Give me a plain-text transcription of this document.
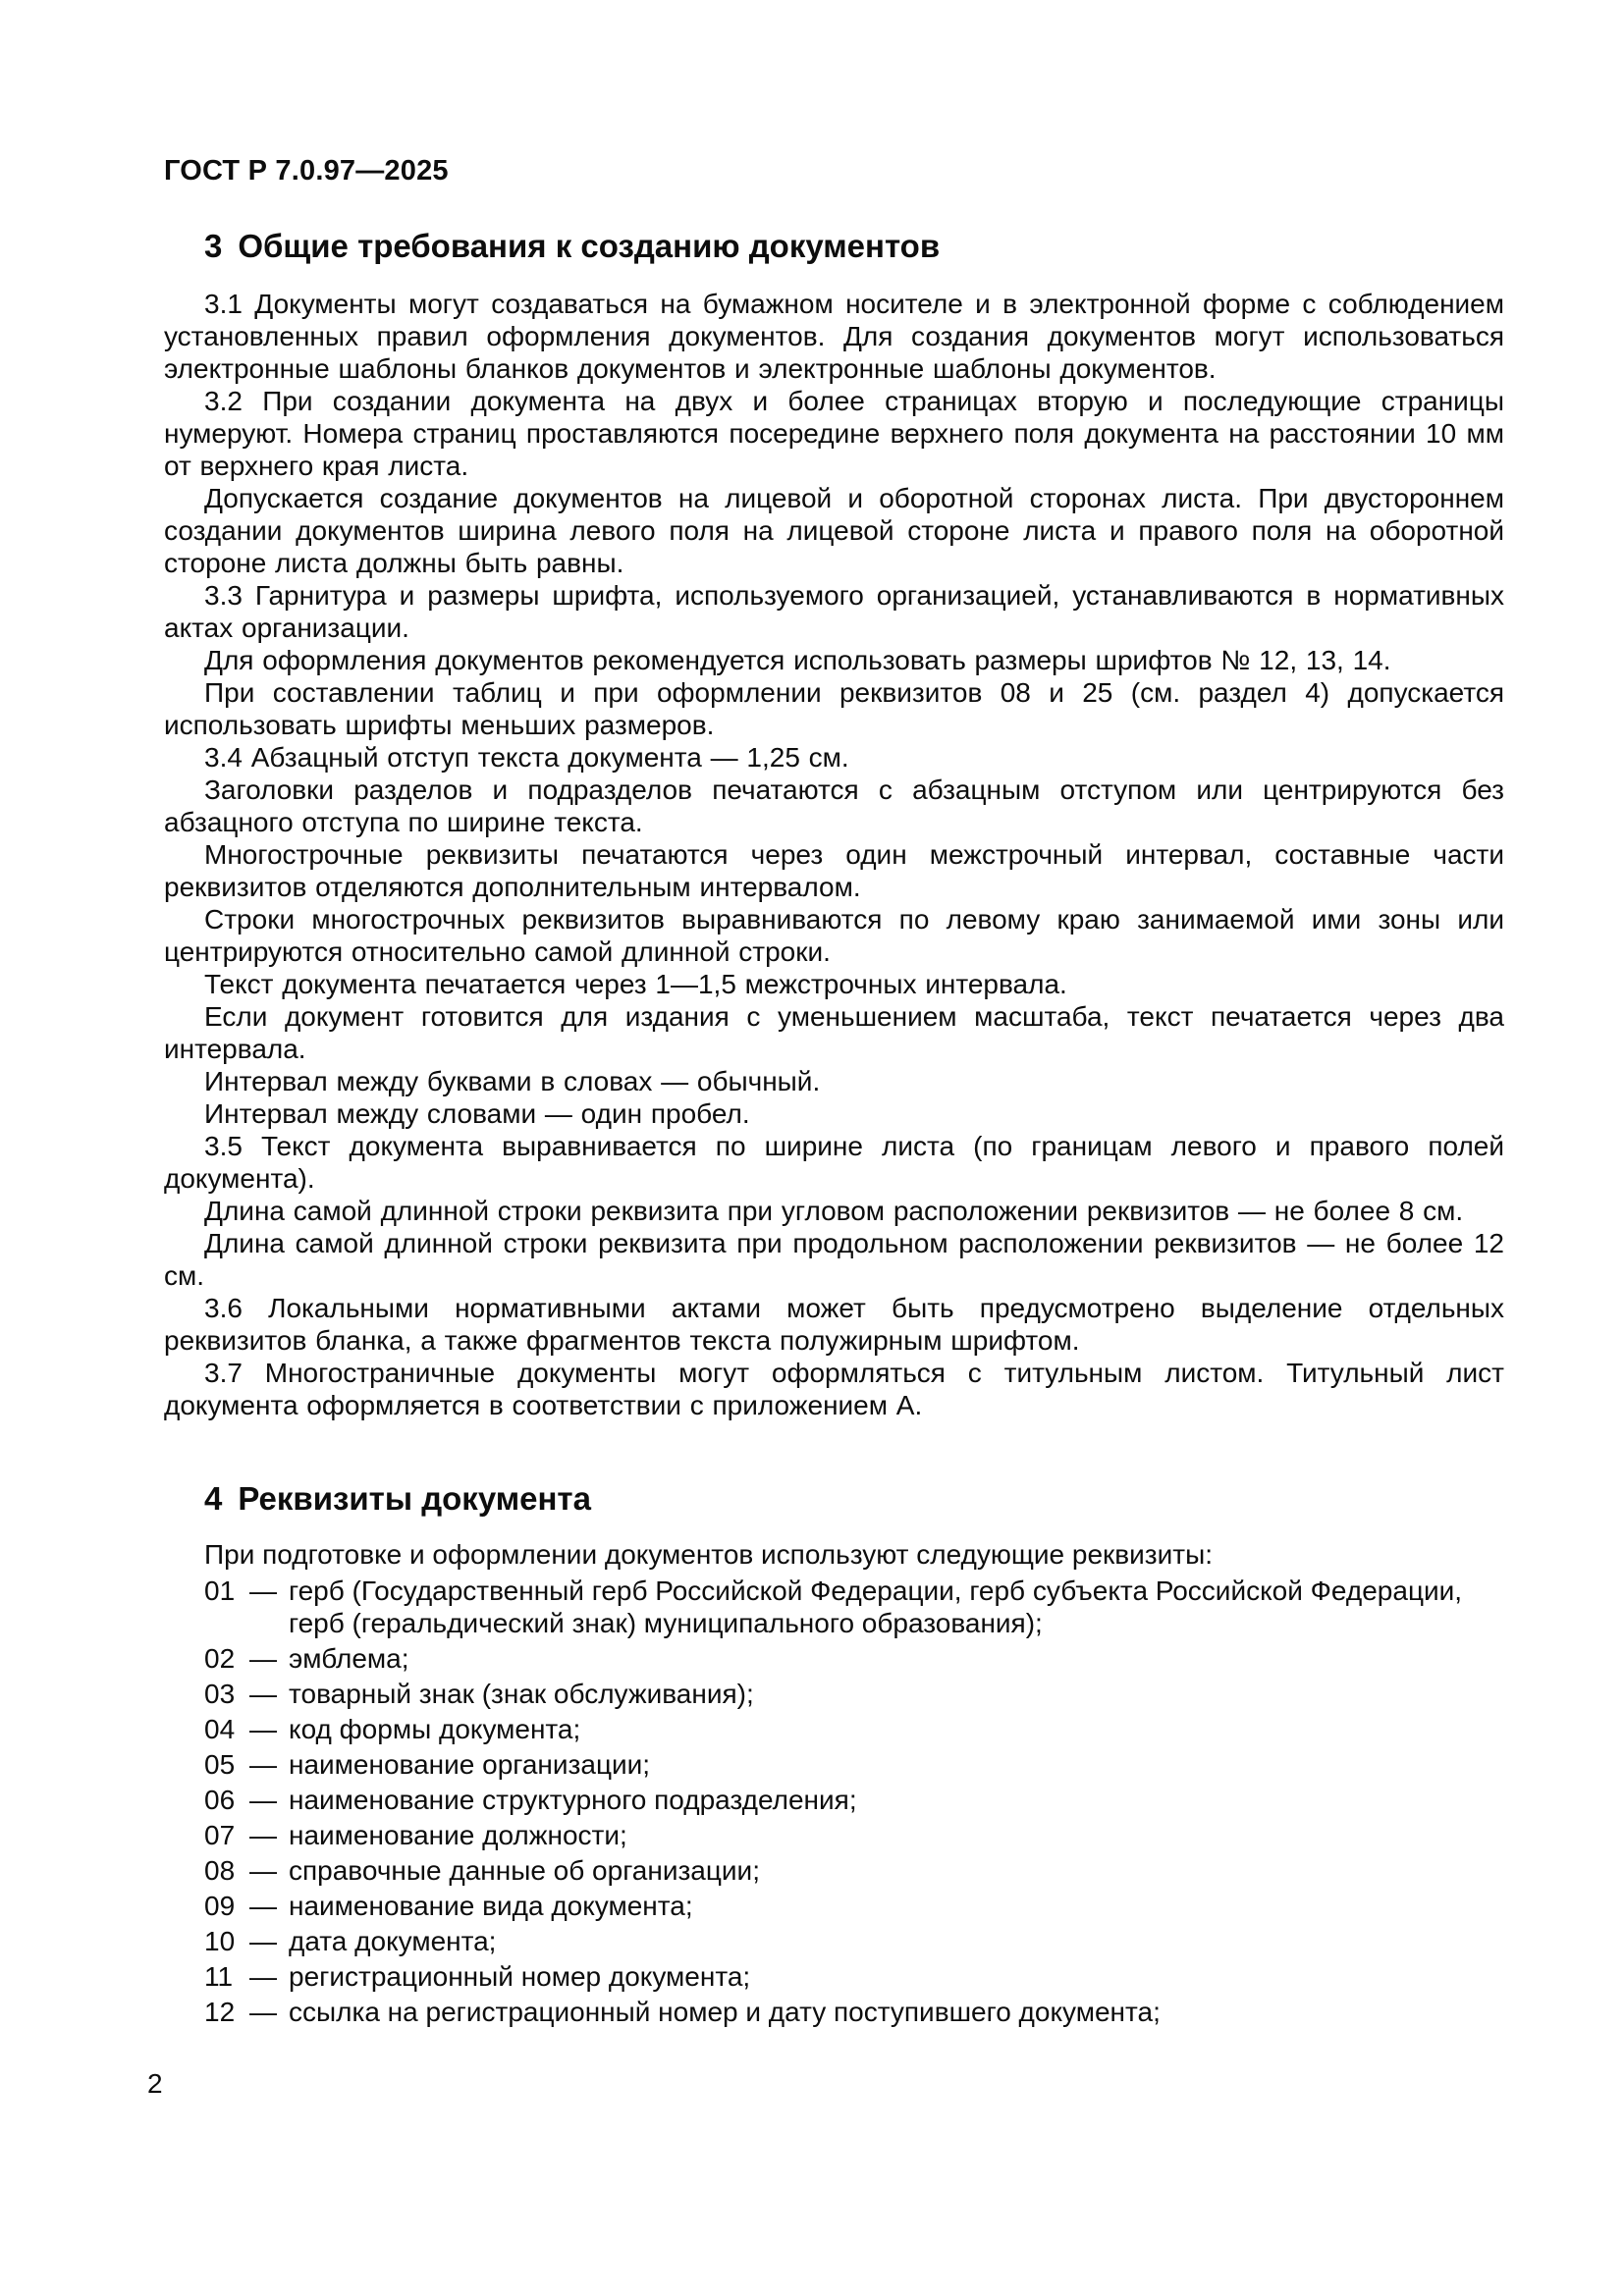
ГОСТ Р 7.0.97—2025
3 Общие требования к созданию документов

3.1 Документы могут создаваться на бумажном носителе и в электронной форме с соблюдением установленных правил оформления документов. Для создания документов могут использоваться электронные шаблоны бланков документов и электронные шаблоны документов.

3.2 При создании документа на двух и более страницах вторую и последующие страницы нумеруют. Номера страниц проставляются посередине верхнего поля документа на расстоянии 10 мм от верхнего края листа.

Допускается создание документов на лицевой и оборотной сторонах листа. При двустороннем создании документов ширина левого поля на лицевой стороне листа и правого поля на оборотной стороне листа должны быть равны.

3.3 Гарнитура и размеры шрифта, используемого организацией, устанавливаются в нормативных актах организации.

Для оформления документов рекомендуется использовать размеры шрифтов № 12, 13, 14.

При составлении таблиц и при оформлении реквизитов 08 и 25 (см. раздел 4) допускается использовать шрифты меньших размеров.

3.4 Абзацный отступ текста документа — 1,25 см.

Заголовки разделов и подразделов печатаются с абзацным отступом или центрируются без абзацного отступа по ширине текста.

Многострочные реквизиты печатаются через один межстрочный интервал, составные части реквизитов отделяются дополнительным интервалом.

Строки многострочных реквизитов выравниваются по левому краю занимаемой ими зоны или центрируются относительно самой длинной строки.

Текст документа печатается через 1—1,5 межстрочных интервала.

Если документ готовится для издания с уменьшением масштаба, текст печатается через два интервала.

Интервал между буквами в словах — обычный.

Интервал между словами — один пробел.

3.5 Текст документа выравнивается по ширине листа (по границам левого и правого полей документа).

Длина самой длинной строки реквизита при угловом расположении реквизитов — не более 8 см.

Длина самой длинной строки реквизита при продольном расположении реквизитов — не более 12 см.

3.6 Локальными нормативными актами может быть предусмотрено выделение отдельных реквизитов бланка, а также фрагментов текста полужирным шрифтом.

3.7 Многостраничные документы могут оформляться с титульным листом. Титульный лист документа оформляется в соответствии с приложением А.

4 Реквизиты документа

При подготовке и оформлении документов используют следующие реквизиты:

01 — герб (Государственный герб Российской Федерации, герб субъекта Российской Федерации, герб (геральдический знак) муниципального образования);
02 — эмблема;
03 — товарный знак (знак обслуживания);
04 — код формы документа;
05 — наименование организации;
06 — наименование структурного подразделения;
07 — наименование должности;
08 — справочные данные об организации;
09 — наименование вида документа;
10 — дата документа;
11 — регистрационный номер документа;
12 — ссылка на регистрационный номер и дату поступившего документа;
2
